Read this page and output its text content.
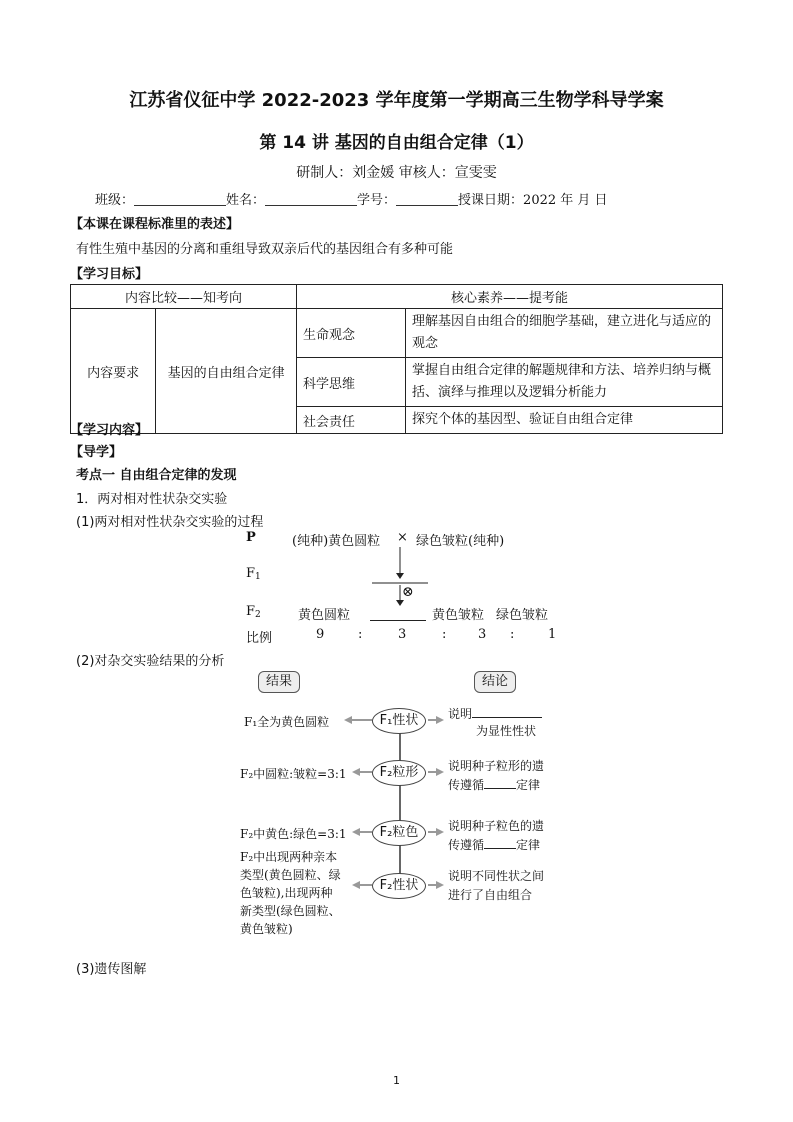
江苏省仪征中学 2022-2023 学年度第一学期高三生物学科导学案
第 14 讲 基因的自由组合定律（1）
研制人：刘金媛 审核人：宣雯雯
班级：	姓名：	学号：	授课日期：2022 年 月 日
【本课在课程标准里的表述】
有性生殖中基因的分离和重组导致双亲后代的基因组合有多种可能
【学习目标】
内容比较——知考向		核心素养——提考能	
内容要求	基因的自由组合定律	生命观念	理解基因自由组合的细胞学基础，建立进化与适应的观念
		科学思维	掌握自由组合定律的解题规律和方法、培养归纳与概括、演绎与推理以及逻辑分析能力
		社会责任	探究个体的基因型、验证自由组合定律
【学习内容】
【导学】
考点一 自由组合定律的发现
1．两对相对性状杂交实验
(1)两对相对性状杂交实验的过程
P	(纯种)黄色圆粒 × 绿色皱粒(纯种)
F1
⊗
F2	黄色圆粒	黄色皱粒 绿色皱粒
比例	9	:	3	: 3 :	1
(2)对杂交实验结果的分析
结果	结论
F₁性状
F₂粒形
F₂粒色
F₂性状
F₁全为黄色圆粒
F₂中圆粒:皱粒=3:1
F₂中黄色:绿色=3:1
F₂中出现两种亲本
类型(黄色圆粒、绿
色皱粒),出现两种
新类型(绿色圆粒、
黄色皱粒)
说明
为显性性状
说明种子粒形的遗
传遵循	定律
说明种子粒色的遗
传遵循	定律
说明不同性状之间
进行了自由组合
(3)遗传图解
1
